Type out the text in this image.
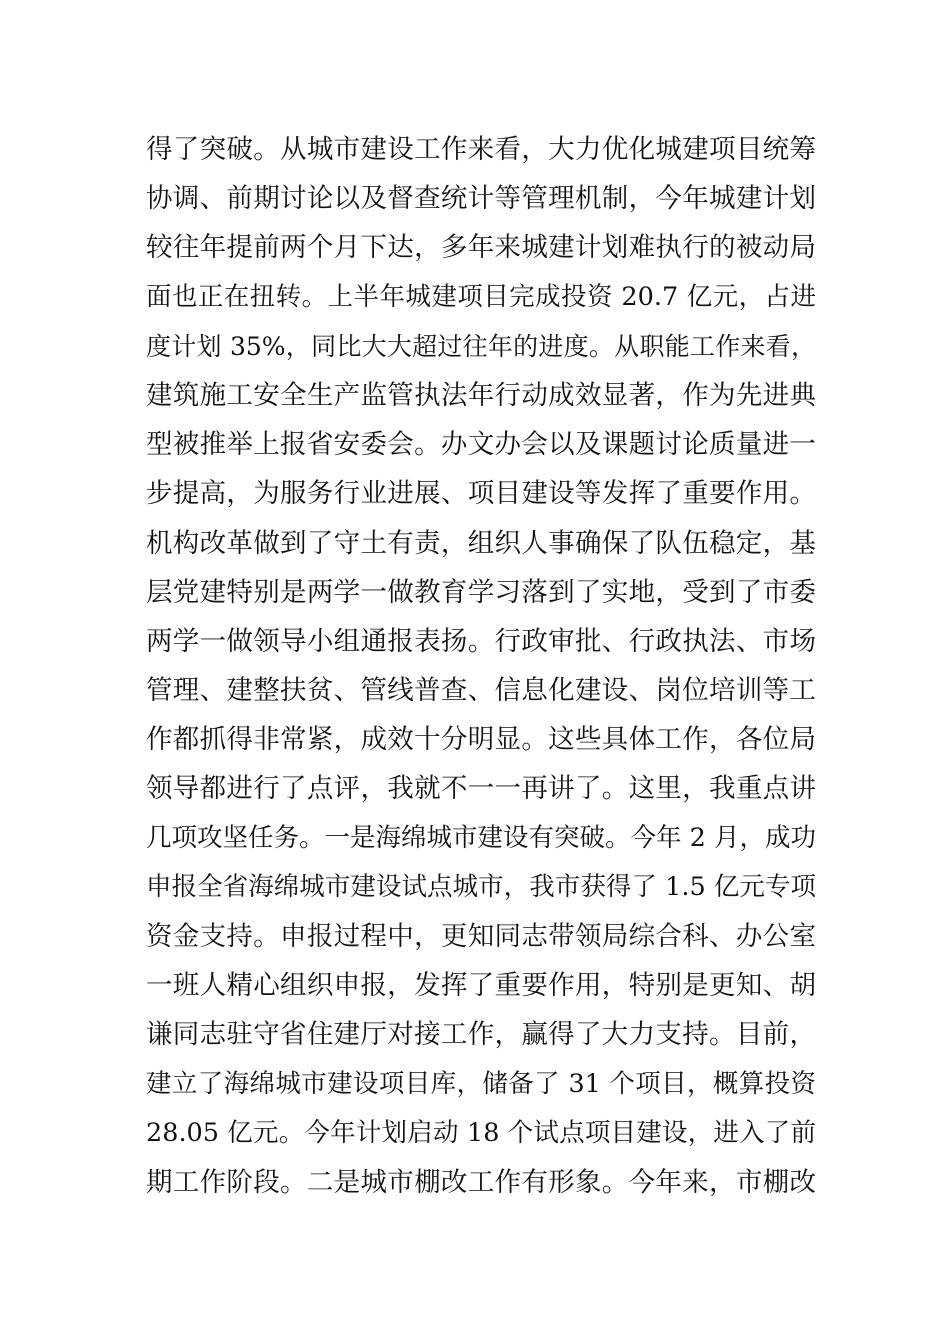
得了突破。从城市建设工作来看，大力优化城建项目统筹
协调、前期讨论以及督查统计等管理机制，今年城建计划
较往年提前两个月下达，多年来城建计划难执行的被动局
面也正在扭转。上半年城建项目完成投资 20.7 亿元，占进
度计划 35%，同比大大超过往年的进度。从职能工作来看，
建筑施工安全生产监管执法年行动成效显著，作为先进典
型被推举上报省安委会。办文办会以及课题讨论质量进一
步提高，为服务行业进展、项目建设等发挥了重要作用。
机构改革做到了守土有责，组织人事确保了队伍稳定，基
层党建特别是两学一做教育学习落到了实地，受到了市委
两学一做领导小组通报表扬。行政审批、行政执法、市场
管理、建整扶贫、管线普查、信息化建设、岗位培训等工
作都抓得非常紧，成效十分明显。这些具体工作，各位局
领导都进行了点评，我就不一一再讲了。这里，我重点讲
几项攻坚任务。一是海绵城市建设有突破。今年 2 月，成功
申报全省海绵城市建设试点城市，我市获得了 1.5 亿元专项
资金支持。申报过程中，更知同志带领局综合科、办公室
一班人精心组织申报，发挥了重要作用，特别是更知、胡
谦同志驻守省住建厅对接工作，赢得了大力支持。目前，
建立了海绵城市建设项目库，储备了 31 个项目，概算投资
28.05 亿元。今年计划启动 18 个试点项目建设，进入了前
期工作阶段。二是城市棚改工作有形象。今年来，市棚改
